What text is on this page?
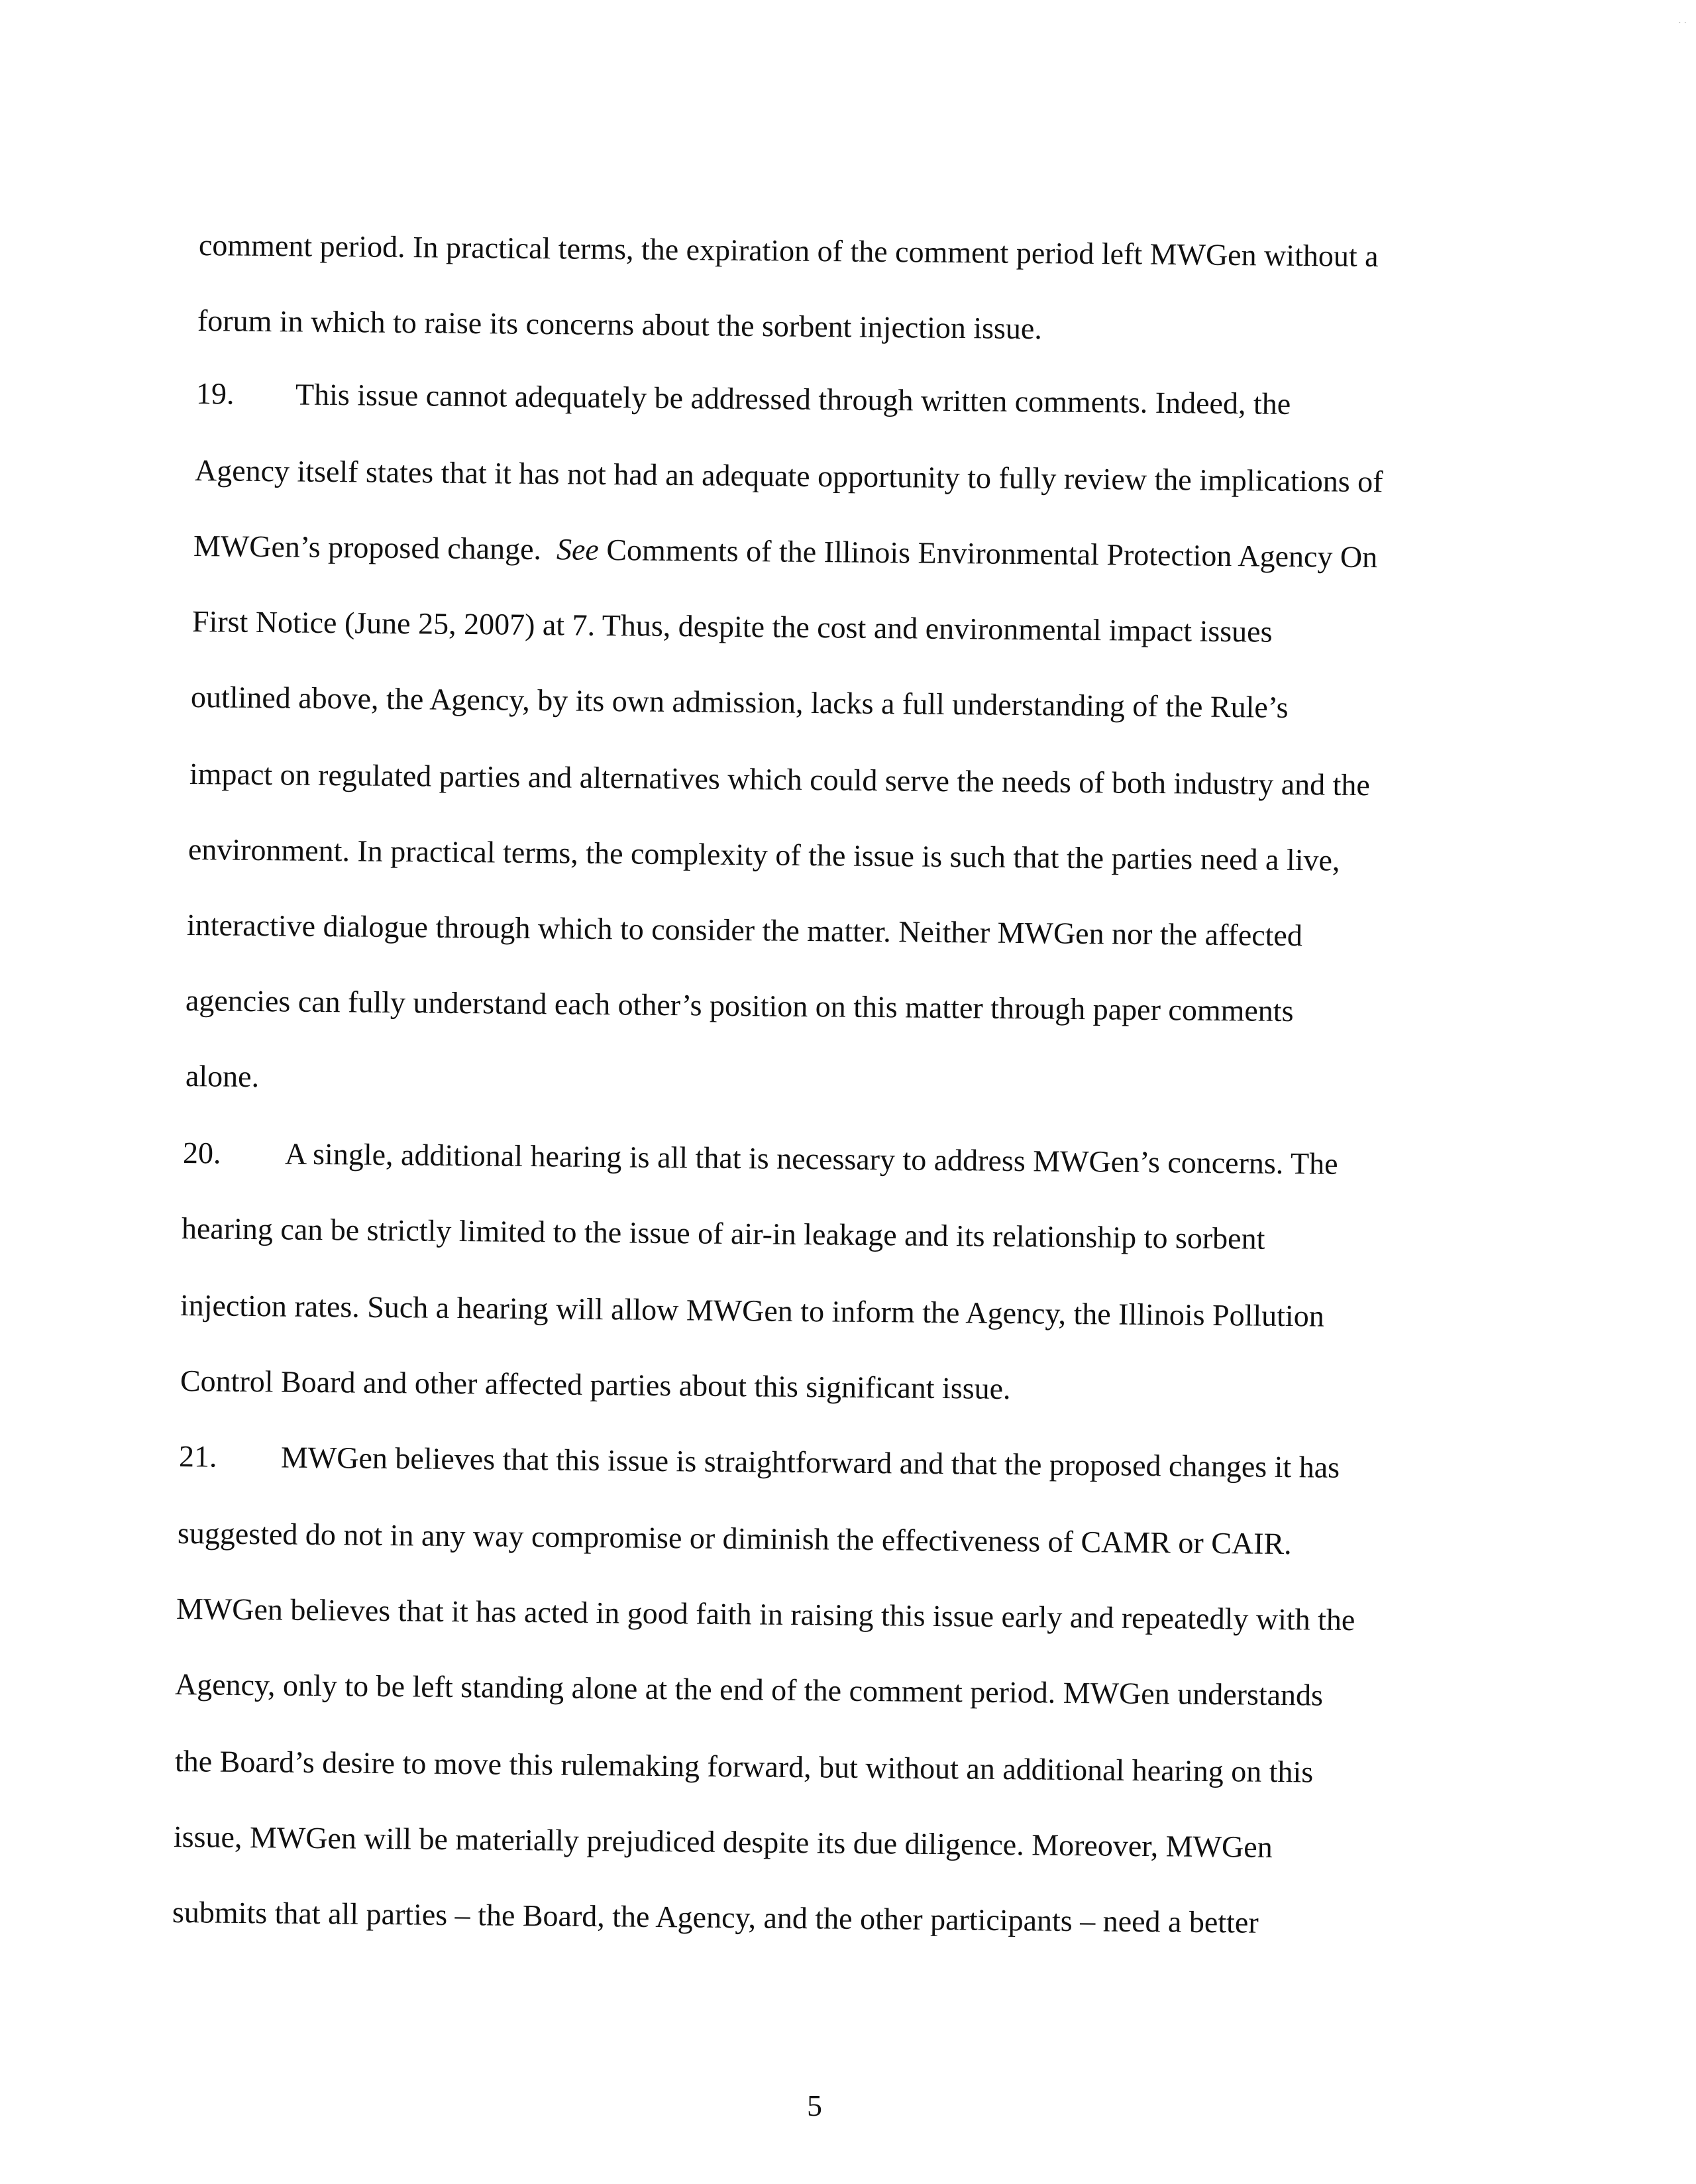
comment period. In practical terms, the expiration of the comment period left MWGen without a
forum in which to raise its concerns about the sorbent injection issue.
19. This issue cannot adequately be addressed through written comments. Indeed, the
Agency itself states that it has not had an adequate opportunity to fully review the implications of
MWGen’s proposed change. See Comments of the Illinois Environmental Protection Agency On
First Notice (June 25, 2007) at 7. Thus, despite the cost and environmental impact issues
outlined above, the Agency, by its own admission, lacks a full understanding of the Rule’s
impact on regulated parties and alternatives which could serve the needs of both industry and the
environment. In practical terms, the complexity of the issue is such that the parties need a live,
interactive dialogue through which to consider the matter. Neither MWGen nor the affected
agencies can fully understand each other’s position on this matter through paper comments
alone.
20. A single, additional hearing is all that is necessary to address MWGen’s concerns. The
hearing can be strictly limited to the issue of air-in leakage and its relationship to sorbent
injection rates. Such a hearing will allow MWGen to inform the Agency, the Illinois Pollution
Control Board and other affected parties about this significant issue.
21. MWGen believes that this issue is straightforward and that the proposed changes it has
suggested do not in any way compromise or diminish the effectiveness of CAMR or CAIR.
MWGen believes that it has acted in good faith in raising this issue early and repeatedly with the
Agency, only to be left standing alone at the end of the comment period. MWGen understands
the Board’s desire to move this rulemaking forward, but without an additional hearing on this
issue, MWGen will be materially prejudiced despite its due diligence. Moreover, MWGen
submits that all parties – the Board, the Agency, and the other participants – need a better
5
· ·
